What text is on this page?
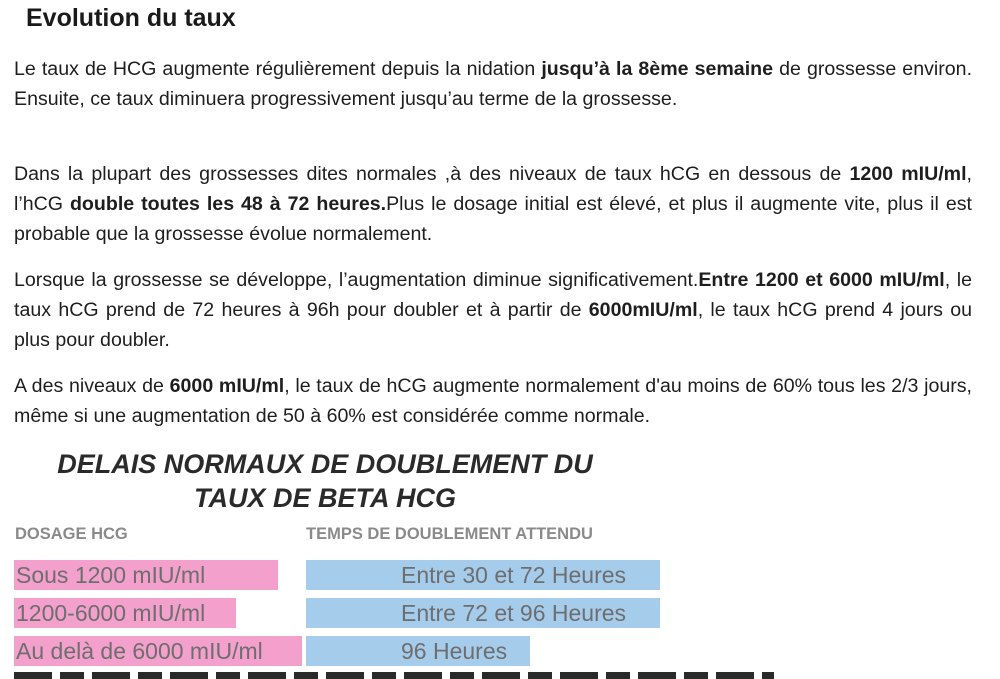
Evolution du taux

Le taux de HCG augmente régulièrement depuis la nidation jusqu’à la 8ème semaine de grossesse environ. Ensuite, ce taux diminuera progressivement jusqu’au terme de la grossesse.

Dans la plupart des grossesses dites normales ,à des niveaux de taux hCG en dessous de 1200 mIU/ml, l’hCG double toutes les 48 à 72 heures.Plus le dosage initial est élevé, et plus il augmente vite, plus il est probable que la grossesse évolue normalement.

Lorsque la grossesse se développe, l’augmentation diminue significativement.Entre 1200 et 6000 mIU/ml, le taux hCG prend de 72 heures à 96h pour doubler et à partir de 6000mIU/ml, le taux hCG prend 4 jours ou plus pour doubler.

A des niveaux de 6000 mIU/ml, le taux de hCG augmente normalement d'au moins de 60% tous les 2/3 jours, même si une augmentation de 50 à 60% est considérée comme normale.

DELAIS NORMAUX DE DOUBLEMENT DU
TAUX DE BETA HCG
DOSAGE HCG	TEMPS DE DOUBLEMENT ATTENDU
Sous 1200 mIU/ml	Entre 30 et 72 Heures
1200-6000 mIU/ml	Entre 72 et 96 Heures
Au delà de 6000 mIU/ml	96 Heures
